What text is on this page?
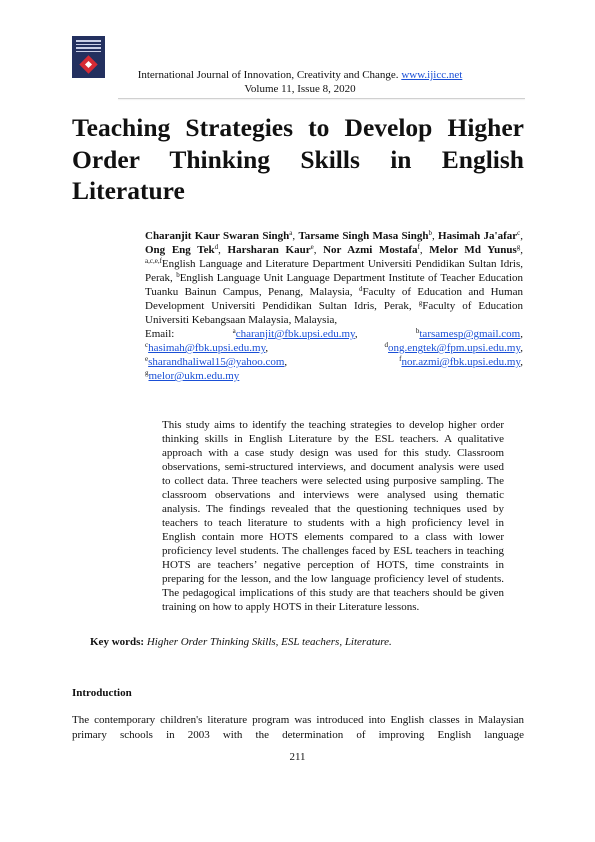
International Journal of Innovation, Creativity and Change. www.ijicc.net
Volume 11, Issue 8, 2020
Teaching Strategies to Develop Higher Order Thinking Skills in English Literature

Charanjit Kaur Swaran Singh$^a$, Tarsame Singh Masa Singh$^b$, Hasimah Ja'afar$^c$, Ong Eng Tek$^d$, Harsharan Kaur$^e$, Nor Azmi Mostafa$^f$, Melor Md Yunus$^g$, $^{a,c,e,f}$English Language and Literature Department Universiti Pendidikan Sultan Idris, Perak, $^b$English Language Unit Language Department Institute of Teacher Education Tuanku Bainun Campus, Penang, Malaysia, $^d$Faculty of Education and Human Development Universiti Pendidikan Sultan Idris, Perak, $^g$Faculty of Education Universiti Kebangsaan Malaysia, Malaysia,

Email:	$^a$charanjit@fbk.upsi.edu.my,	$^b$tarsamesp@gmail.com,
$^c$hasimah@fbk.upsi.edu.my,	$^d$ong.engtek@fpm.upsi.edu.my,
$^e$sharandhaliwal15@yahoo.com,	$^f$nor.azmi@fbk.upsi.edu.my,
$^g$melor@ukm.edu.my

This study aims to identify the teaching strategies to develop higher order thinking skills in English Literature by the ESL teachers. A qualitative approach with a case study design was used for this study. Classroom observations, semi-structured interviews, and document analysis were used to collect data. Three teachers were selected using purposive sampling. The classroom observations and interviews were analysed using thematic analysis. The findings revealed that the questioning techniques used by teachers to teach literature to students with a high proficiency level in English contain more HOTS elements compared to a class with lower proficiency level students. The challenges faced by ESL teachers in teaching HOTS are teachers’ negative perception of HOTS, time constraints in preparing for the lesson, and the low language proficiency level of students. The pedagogical implications of this study are that teachers should be given training on how to apply HOTS in their Literature lessons.

Key words: Higher Order Thinking Skills, ESL teachers, Literature.
Introduction

The contemporary children's literature program was introduced into English classes in Malaysian primary schools in 2003 with the determination of improving English language

211
